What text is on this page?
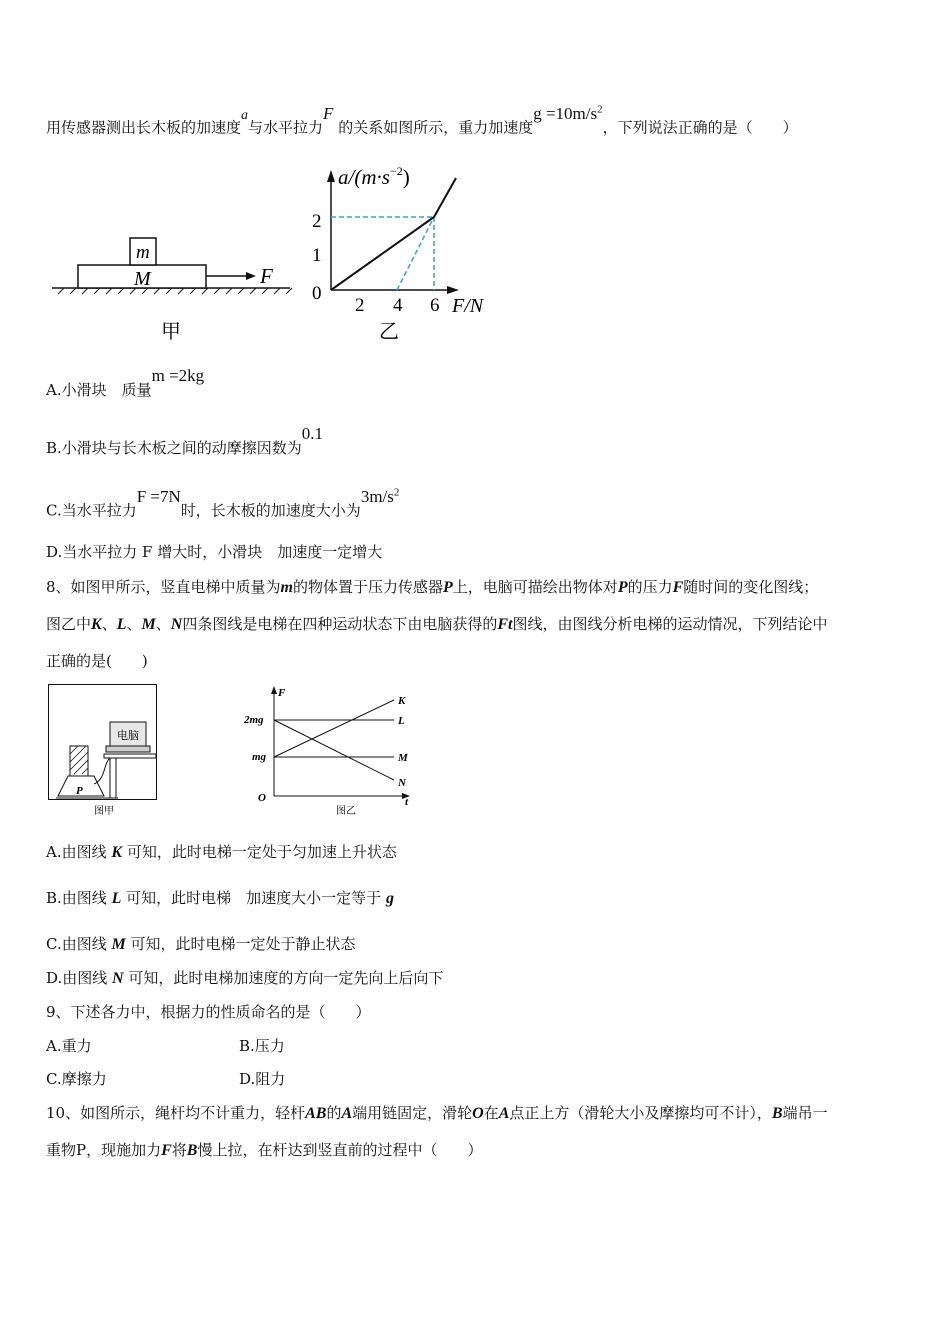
用传感器测出长木板的加速度a与水平拉力F 的关系如图所示，重力加速度$g =10m/s^2$，下列说法正确的是（　　）
m
M	F
甲
$a/(m\cdot s^{-2})$
0
2
1
2 4 6 F/N
乙
A.小滑块　质量m =2kg
B.小滑块与长木板之间的动摩擦因数为0.1
C.当水平拉力F =7N时，长木板的加速度大小为$3m/s^2$
D.当水平拉力 F 增大时，小滑块　加速度一定增大
8、如图甲所示，竖直电梯中质量为m的物体置于压力传感器P上，电脑可描绘出物体对P的压力F随时间的变化图线；
图乙中K、L、M、N四条图线是电梯在四种运动状态下由电脑获得的Ft图线，由图线分析电梯的运动情况，下列结论中
正确的是(　　)
P
电脑
图甲
F
2mg
mg
O	t
K
L
M
N
图乙
A.由图线 K 可知，此时电梯一定处于匀加速上升状态
B.由图线 L 可知，此时电梯　加速度大小一定等于 g
C.由图线 M 可知，此时电梯一定处于静止状态
D.由图线 N 可知，此时电梯加速度的方向一定先向上后向下
9、下述各力中，根据力的性质命名的是（　　）
A.重力	B.压力
C.摩擦力	D.阻力
10、如图所示，绳杆均不计重力，轻杆AB的A端用链固定，滑轮O在A点正上方（滑轮大小及摩擦均可不计），B端吊一
重物P，现施加力F将B慢上拉，在杆达到竖直前的过程中（　　）
